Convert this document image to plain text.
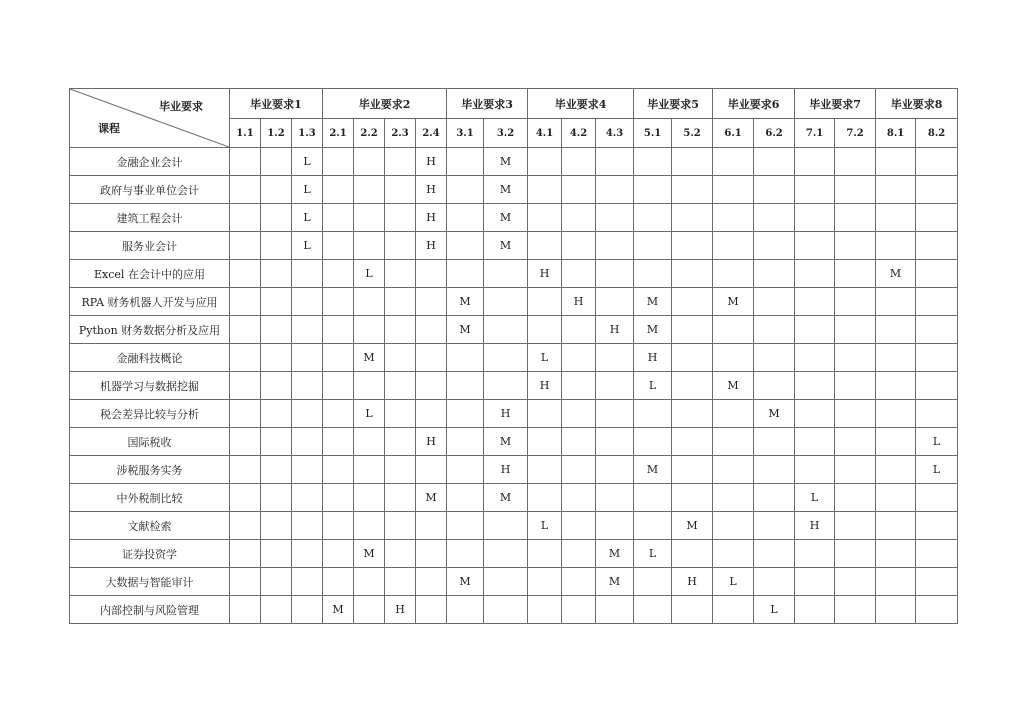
毕业要求
课程	毕业要求1			毕业要求2				毕业要求3		毕业要求4			毕业要求5		毕业要求6		毕业要求7		毕业要求8	
	1.1	1.2	1.3	2.1	2.2	2.3	2.4	3.1	3.2	4.1	4.2	4.3	5.1	5.2	6.1	6.2	7.1	7.2	8.1	8.2
金融企业会计			L				H		M											
政府与事业单位会计			L				H		M											
建筑工程会计			L				H		M											
服务业会计			L				H		M											
Excel 在会计中的应用					L					H									M	
RPA 财务机器人开发与应用								M			H		M		M					
Python 财务数据分析及应用								M				H	M							
金融科技概论					M					L			H							
机器学习与数据挖掘										H			L		M					
税会差异比较与分析					L				H							M				
国际税收							H		M											L
涉税服务实务									H				M							L
中外税制比较							M		M								L			
文献检索										L				M			H			
证券投资学					M							M	L							
大数据与智能审计								M				M		H	L					
内部控制与风险管理				M		H										L				
